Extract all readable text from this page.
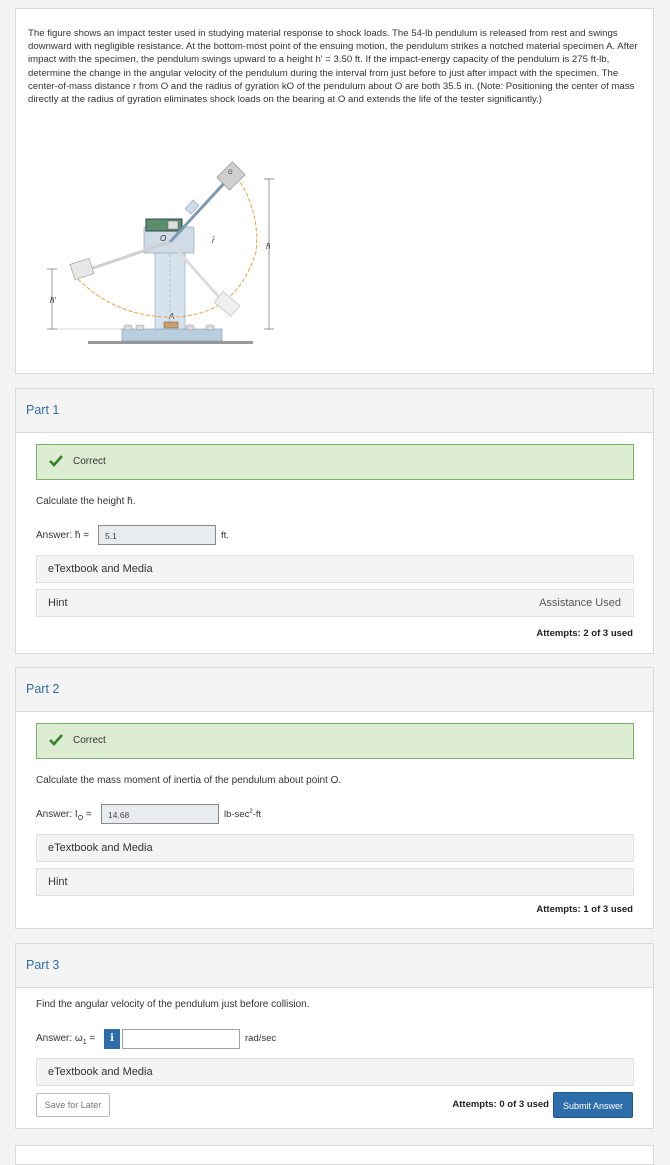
The figure shows an impact tester used in studying material response to shock loads. The 54-lb pendulum is released from rest and swings downward with negligible resistance. At the bottom-most point of the ensuing motion, the pendulum strikes a notched material specimen A. After impact with the specimen, the pendulum swings upward to a height h' = 3.50 ft. If the impact-energy capacity of the pendulum is 275 ft-lb, determine the change in the angular velocity of the pendulum during the interval from just before to just after impact with the specimen. The center-of-mass distance r from O and the radius of gyration kO of the pendulum about O are both 35.5 in. (Note: Positioning the center of mass directly at the radius of gyration eliminates shock loads on the bearing at O and extends the life of the tester significantly.)

A
O
G
r̄
h̄
h̄′
Part 1
Correct
Calculate the height h̄.
Answer: h̄ =	5.1	ft.
eTextbook and Media
Hint	Assistance Used
Attempts: 2 of 3 used
Part 2
Correct
Calculate the mass moment of inertia of the pendulum about point O.
Answer: $I_O$ =	14.68	$lb-\sec^2-ft$
eTextbook and Media
Hint
Attempts: 1 of 3 used
Part 3
Find the angular velocity of the pendulum just before collision.
Answer: $\omega_1$ =	i	rad/sec
eTextbook and Media
Save for Later	Attempts: 0 of 3 used	Submit Answer
